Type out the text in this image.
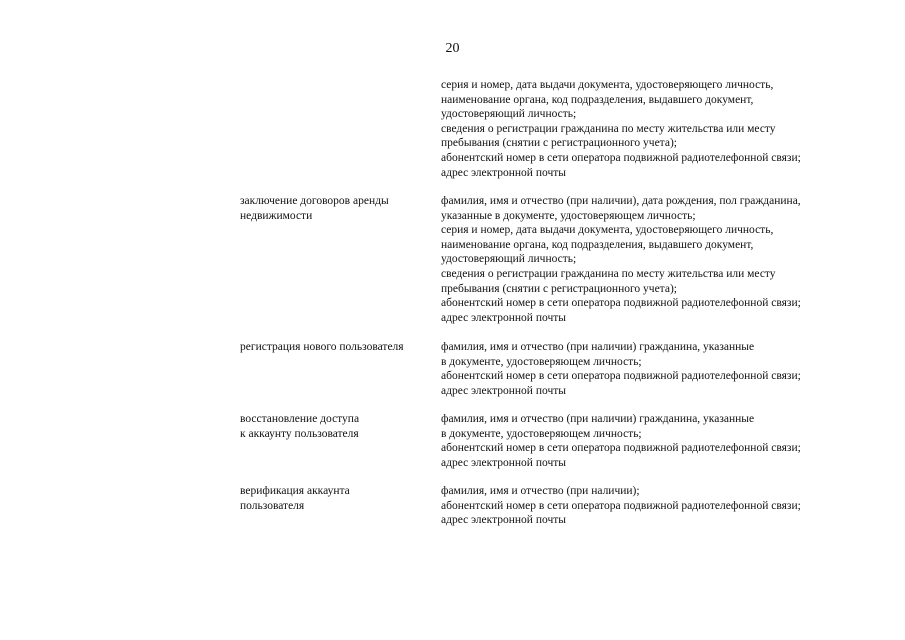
20
серия и номер, дата выдачи документа, удостоверяющего личность,
наименование органа, код подразделения, выдавшего документ,
удостоверяющий личность;
сведения о регистрации гражданина по месту жительства или месту
пребывания (снятии с регистрационного учета);
абонентский номер в сети оператора подвижной радиотелефонной связи;
адрес электронной почты
заключение договоров аренды
недвижимости
фамилия, имя и отчество (при наличии), дата рождения, пол гражданина,
указанные в документе, удостоверяющем личность;
серия и номер, дата выдачи документа, удостоверяющего личность,
наименование органа, код подразделения, выдавшего документ,
удостоверяющий личность;
сведения о регистрации гражданина по месту жительства или месту
пребывания (снятии с регистрационного учета);
абонентский номер в сети оператора подвижной радиотелефонной связи;
адрес электронной почты
регистрация нового пользователя	фамилия, имя и отчество (при наличии) гражданина, указанные
в документе, удостоверяющем личность;
абонентский номер в сети оператора подвижной радиотелефонной связи;
адрес электронной почты
восстановление доступа
к аккаунту пользователя
фамилия, имя и отчество (при наличии) гражданина, указанные
в документе, удостоверяющем личность;
абонентский номер в сети оператора подвижной радиотелефонной связи;
адрес электронной почты
верификация аккаунта
пользователя
фамилия, имя и отчество (при наличии);
абонентский номер в сети оператора подвижной радиотелефонной связи;
адрес электронной почты
